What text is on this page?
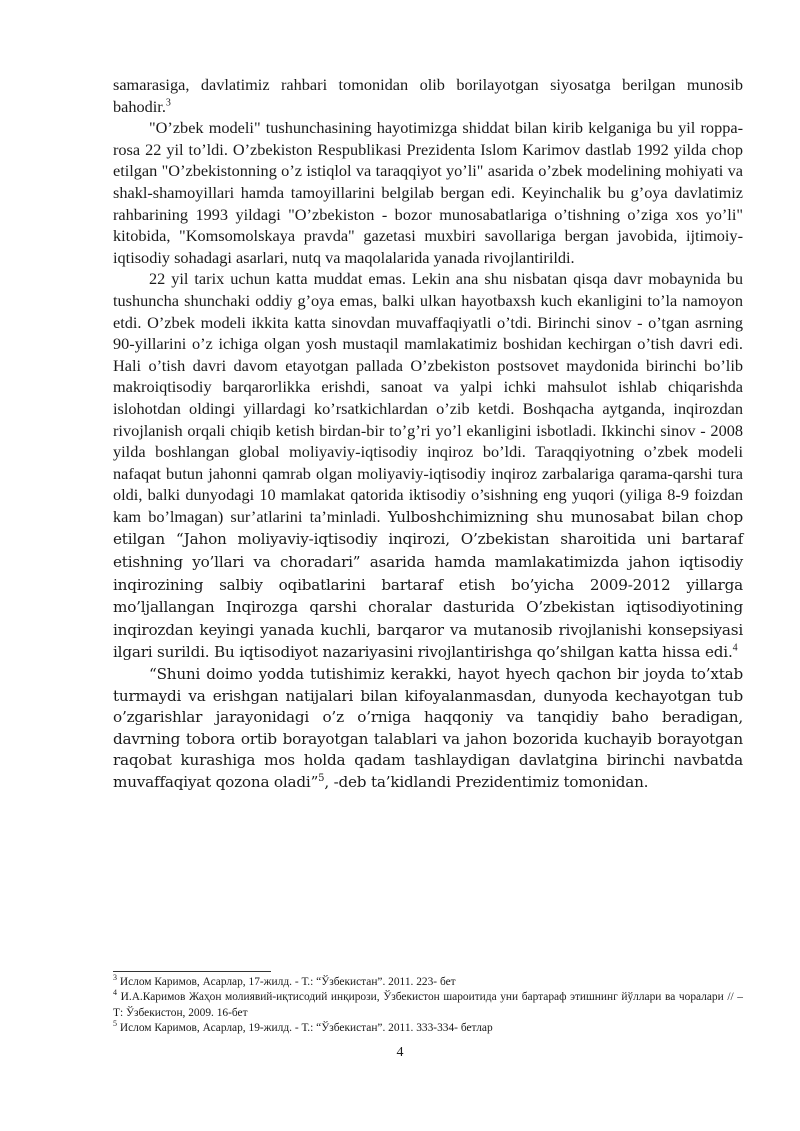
samarasiga, davlatimiz rahbari tomonidan olib borilayotgan siyosatga berilgan munosib bahodir.$^3$

"O’zbek modeli" tushunchasining hayotimizga shiddat bilan kirib kelganiga bu yil roppa-rosa 22 yil to’ldi. O’zbekiston Respublikasi Prezidenta Islom Karimov dastlab 1992 yilda chop etilgan "O’zbekistonning o’z istiqlol va taraqqiyot yo’li" asarida o’zbek modelining mohiyati va shakl-shamoyillari hamda tamoyillarini belgilab bergan edi. Keyinchalik bu g’oya davlatimiz rahbarining 1993 yildagi "O’zbekiston - bozor munosabatlariga o’tishning o’ziga xos yo’li" kitobida, "Komsomolskaya pravda" gazetasi muxbiri savollariga bergan javobida, ijtimoiy-iqtisodiy sohadagi asarlari, nutq va maqolalarida yanada rivojlantirildi.

22 yil tarix uchun katta muddat emas. Lekin ana shu nisbatan qisqa davr mobaynida bu tushuncha shunchaki oddiy g’oya emas, balki ulkan hayotbaxsh kuch ekanligini to’la namoyon etdi. O’zbek modeli ikkita katta sinovdan muvaffaqiyatli o’tdi. Birinchi sinov - o’tgan asrning 90-yillarini o’z ichiga olgan yosh mustaqil mamlakatimiz boshidan kechirgan o’tish davri edi. Hali o’tish davri davom etayotgan pallada O’zbekiston postsovet maydonida birinchi bo’lib makroiqtisodiy barqarorlikka erishdi, sanoat va yalpi ichki mahsulot ishlab chiqarishda islohotdan oldingi yillardagi ko’rsatkichlardan o’zib ketdi. Boshqacha aytganda, inqirozdan rivojlanish orqali chiqib ketish birdan-bir to’g’ri yo’l ekanligini isbotladi. Ikkinchi sinov - 2008 yilda boshlangan global moliyaviy-iqtisodiy inqiroz bo’ldi. Taraqqiyotning o’zbek modeli nafaqat butun jahonni qamrab olgan moliyaviy-iqtisodiy inqiroz zarbalariga qarama-qarshi tura oldi, balki dunyodagi 10 mamlakat qatorida iktisodiy o’sishning eng yuqori (yiliga 8-9 foizdan kam bo’lmagan) sur’atlarini ta’minladi. Yulboshchimizning shu munosabat bilan chop etilgan “Jahon moliyaviy-iqtisodiy inqirozi, O’zbekistan sharoitida uni bartaraf etishning yo’llari va choradari” asarida hamda mamlakatimizda jahon iqtisodiy inqirozining salbiy oqibatlarini bartaraf etish bo’yicha 2009-2012 yillarga mo’ljallangan Inqirozga qarshi choralar dasturida O’zbekistan iqtisodiyotining inqirozdan keyingi yanada kuchli, barqaror va mutanosib rivojlanishi konsepsiyasi ilgari surildi. Bu iqtisodiyot nazariyasini rivojlantirishga qo’shilgan katta hissa edi.$^4$

“Shuni doimo yodda tutishimiz kerakki, hayot hyech qachon bir joyda to’xtab turmaydi va erishgan natijalari bilan kifoyalanmasdan, dunyoda kechayotgan tub o’zgarishlar jarayonidagi o’z o’rniga haqqoniy va tanqidiy baho beradigan, davrning tobora ortib borayotgan talablari va jahon bozorida kuchayib borayotgan raqobat kurashiga mos holda qadam tashlaydigan davlatgina birinchi navbatda muvaffaqiyat qozona oladi”$^5$, -deb ta’kidlandi Prezidentimiz tomonidan.

$^3$ Ислом Каримов, Асарлар, 17-жилд. - Т.: “Ўзбекистан”. 2011. 223- бет

$^4$ И.А.Каримов Жаҳон молиявий-иқтисодий инқирози, Ўзбекистон шароитида уни бартараф этишнинг йўллари ва чоралари // – Т: Ўзбекистон, 2009. 16-бет

$^5$ Ислом Каримов, Асарлар, 19-жилд. - Т.: “Ўзбекистан”. 2011. 333-334- бетлар

4
